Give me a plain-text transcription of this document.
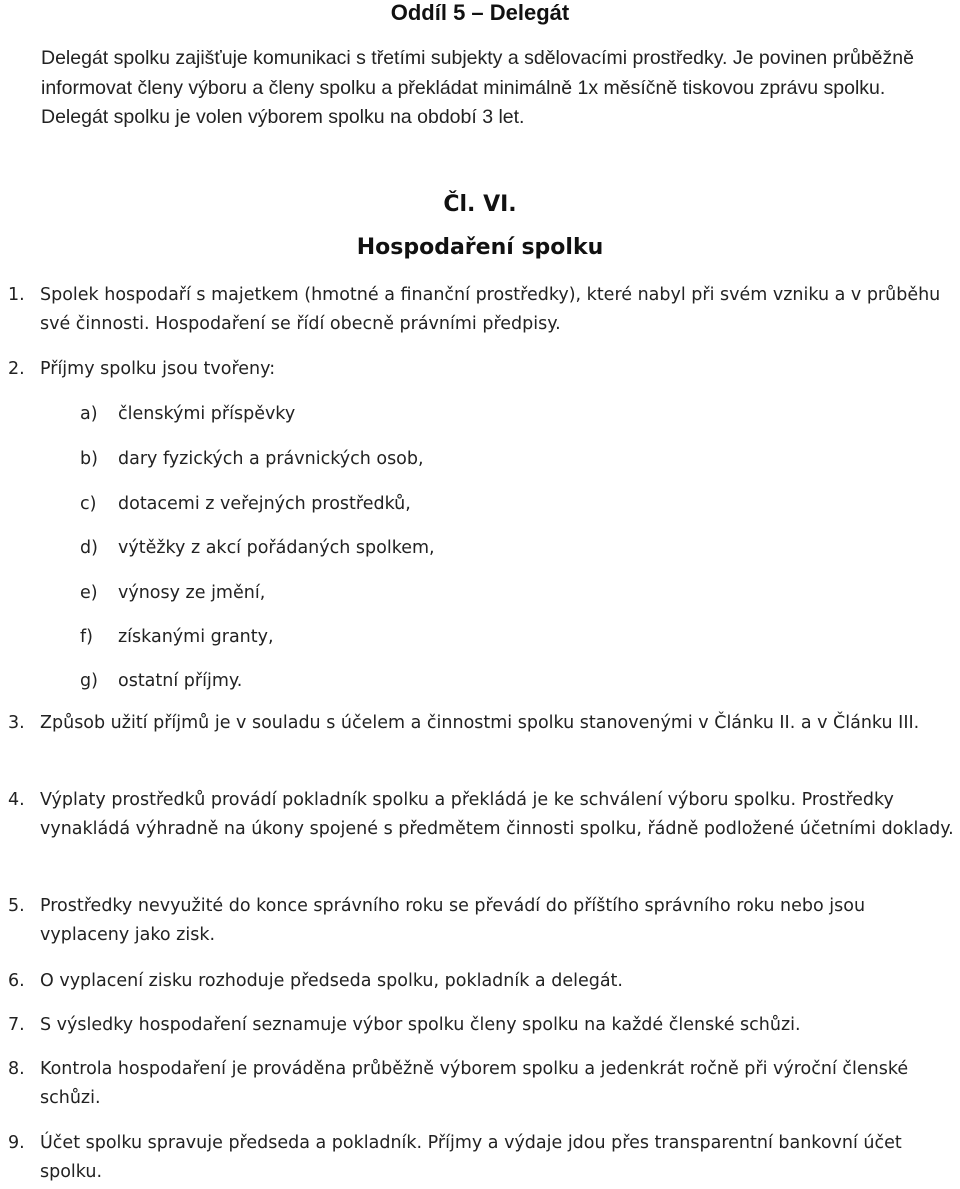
Oddíl 5 – Delegát
Delegát spolku zajišťuje komunikaci s třetími subjekty a sdělovacími prostředky. Je povinen průběžně informovat členy výboru a členy spolku a překládat minimálně 1x měsíčně tiskovou zprávu spolku. Delegát spolku je volen výborem spolku na období 3 let.
Čl. VI.
Hospodaření spolku
1. Spolek hospodaří s majetkem (hmotné a finanční prostředky), které nabyl při svém vzniku a v průběhu své činnosti. Hospodaření se řídí obecně právními předpisy.
2. Příjmy spolku jsou tvořeny:
a)	členskými příspěvky
b)	dary fyzických a právnických osob,
c)	dotacemi z veřejných prostředků,
d)	výtěžky z akcí pořádaných spolkem,
e)	výnosy ze jmění,
f)	získanými granty,
g)	ostatní příjmy.
3. Způsob užití příjmů je v souladu s účelem a činnostmi spolku stanovenými v Článku II. a v Článku III.
4. Výplaty prostředků provádí pokladník spolku a překládá je ke schválení výboru spolku. Prostředky vynakládá výhradně na úkony spojené s předmětem činnosti spolku, řádně podložené účetními doklady.
5. Prostředky nevyužité do konce správního roku se převádí do příštího správního roku nebo jsou vyplaceny jako zisk.
6. O vyplacení zisku rozhoduje předseda spolku, pokladník a delegát.
7. S výsledky hospodaření seznamuje výbor spolku členy spolku na každé členské schůzi.
8. Kontrola hospodaření je prováděna průběžně výborem spolku a jedenkrát ročně při výroční členské schůzi.
9. Účet spolku spravuje předseda a pokladník. Příjmy a výdaje jdou přes transparentní bankovní účet spolku.
